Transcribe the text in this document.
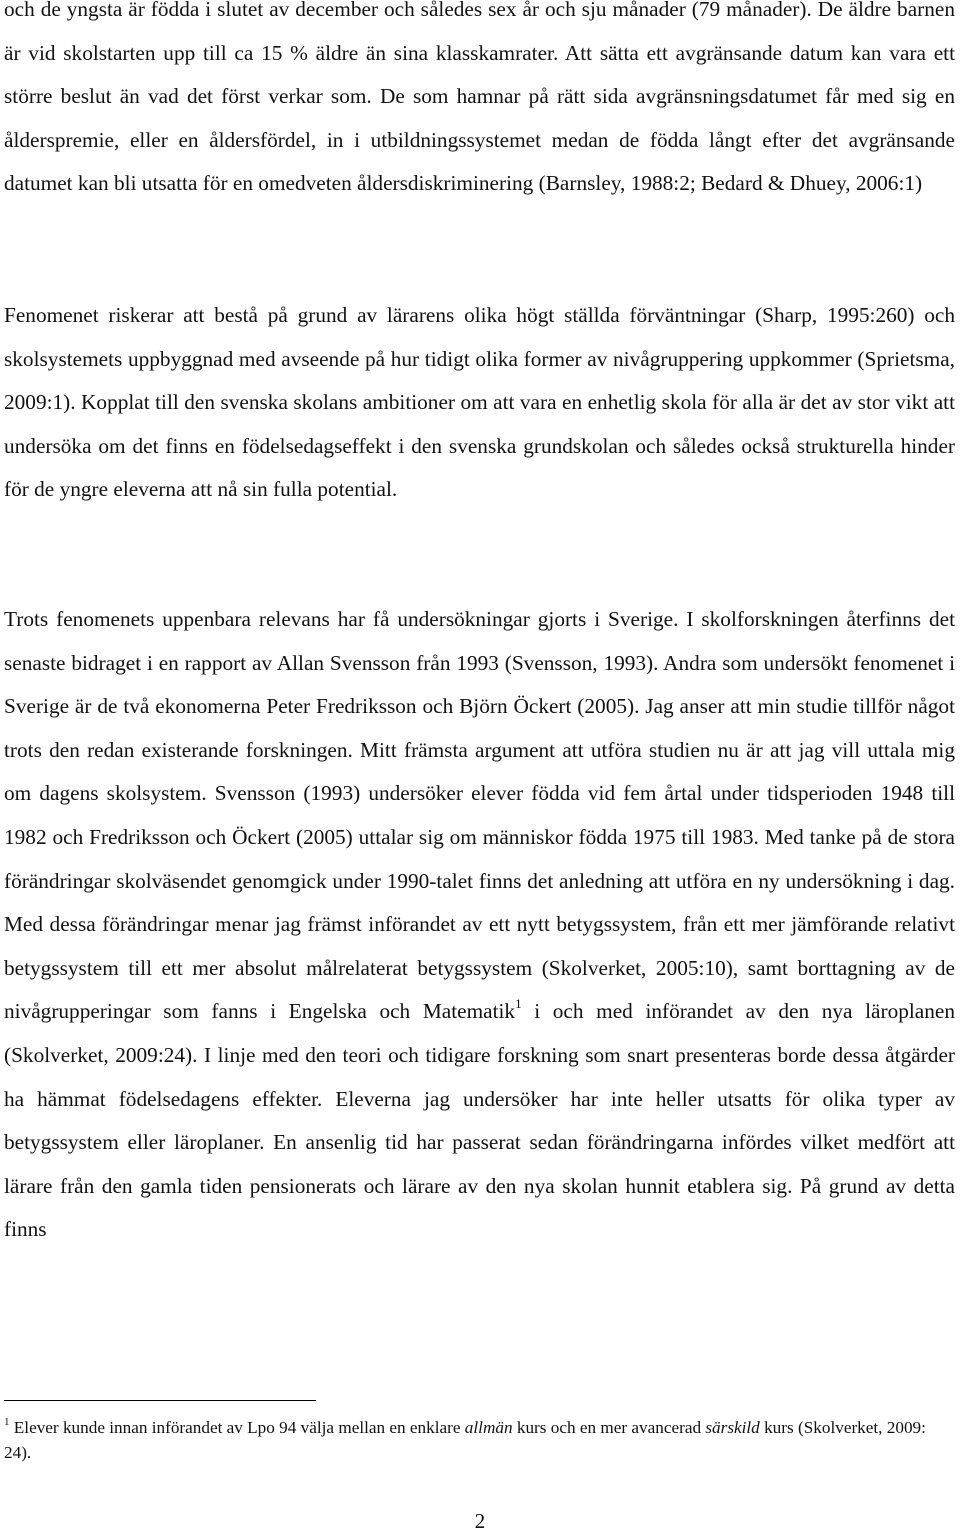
och de yngsta är födda i slutet av december och således sex år och sju månader (79 månader). De äldre barnen är vid skolstarten upp till ca 15 % äldre än sina klasskamrater. Att sätta ett avgränsande datum kan vara ett större beslut än vad det först verkar som. De som hamnar på rätt sida avgränsningsdatumet får med sig en ålderspremie, eller en åldersfördel, in i utbildningssystemet medan de födda långt efter det avgränsande datumet kan bli utsatta för en omedveten åldersdiskriminering (Barnsley, 1988:2; Bedard & Dhuey, 2006:1)

Fenomenet riskerar att bestå på grund av lärarens olika högt ställda förväntningar (Sharp, 1995:260) och skolsystemets uppbyggnad med avseende på hur tidigt olika former av nivågruppering uppkommer (Sprietsma, 2009:1). Kopplat till den svenska skolans ambitioner om att vara en enhetlig skola för alla är det av stor vikt att undersöka om det finns en födelsedagseffekt i den svenska grundskolan och således också strukturella hinder för de yngre eleverna att nå sin fulla potential.

Trots fenomenets uppenbara relevans har få undersökningar gjorts i Sverige. I skolforskningen återfinns det senaste bidraget i en rapport av Allan Svensson från 1993 (Svensson, 1993). Andra som undersökt fenomenet i Sverige är de två ekonomerna Peter Fredriksson och Björn Öckert (2005). Jag anser att min studie tillför något trots den redan existerande forskningen. Mitt främsta argument att utföra studien nu är att jag vill uttala mig om dagens skolsystem. Svensson (1993) undersöker elever födda vid fem årtal under tidsperioden 1948 till 1982 och Fredriksson och Öckert (2005) uttalar sig om människor födda 1975 till 1983. Med tanke på de stora förändringar skolväsendet genomgick under 1990-talet finns det anledning att utföra en ny undersökning i dag. Med dessa förändringar menar jag främst införandet av ett nytt betygssystem, från ett mer jämförande relativt betygssystem till ett mer absolut målrelaterat betygssystem (Skolverket, 2005:10), samt borttagning av de nivågrupperingar som fanns i Engelska och Matematik$^1$ i och med införandet av den nya läroplanen (Skolverket, 2009:24). I linje med den teori och tidigare forskning som snart presenteras borde dessa åtgärder ha hämmat födelsedagens effekter. Eleverna jag undersöker har inte heller utsatts för olika typer av betygssystem eller läroplaner. En ansenlig tid har passerat sedan förändringarna infördes vilket medfört att lärare från den gamla tiden pensionerats och lärare av den nya skolan hunnit etablera sig. På grund av detta finns

$^1$ Elever kunde innan införandet av Lpo 94 välja mellan en enklare allmän kurs och en mer avancerad särskild kurs (Skolverket, 2009: 24).

2
